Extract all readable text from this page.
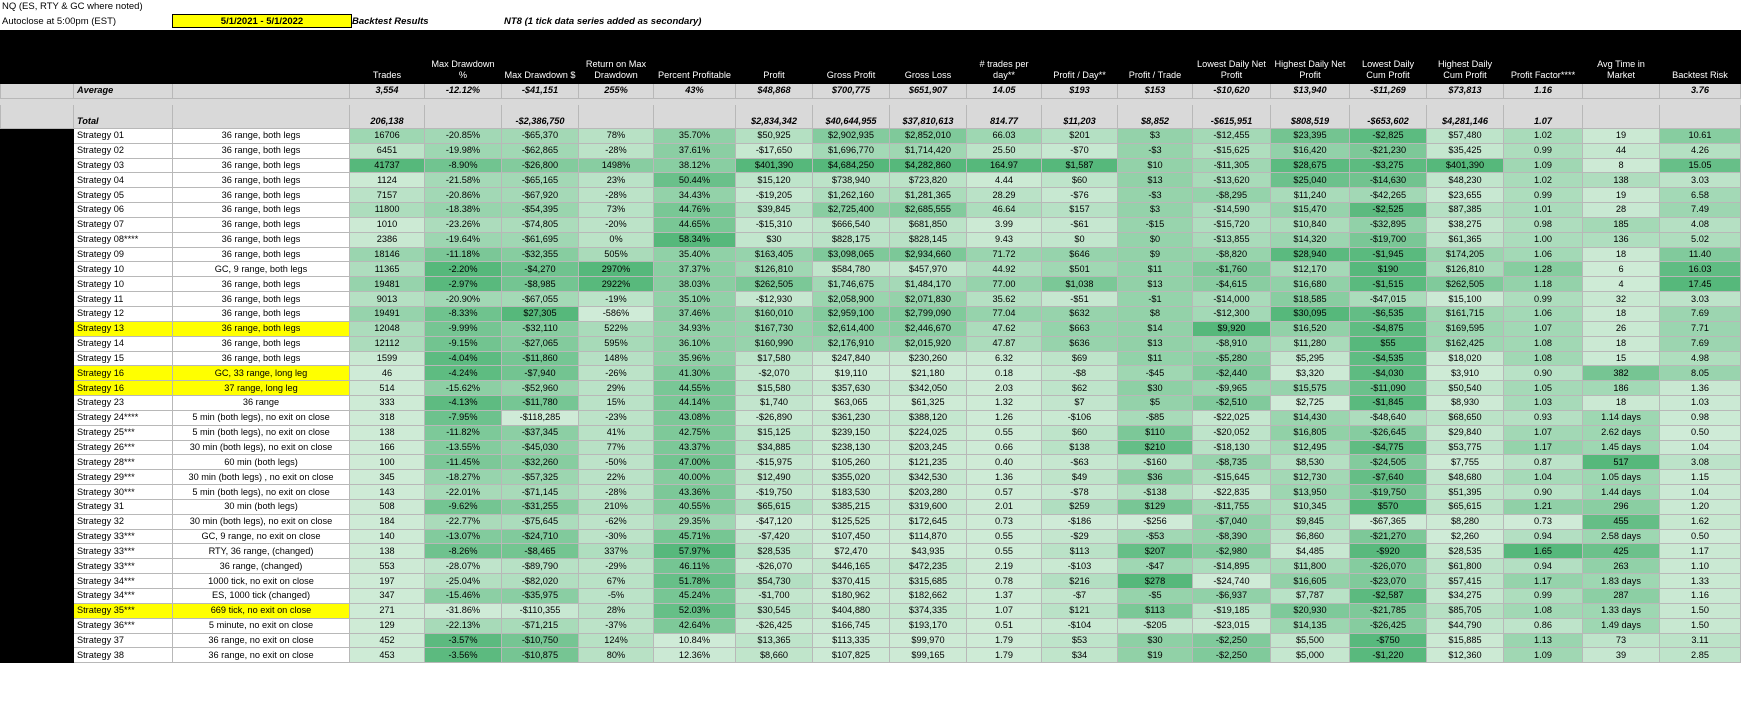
NQ (ES, RTY & GC where noted)
Autoclose at 5:00pm (EST)	5/1/2021 - 5/1/2022	Backtest Results	NT8 (1 tick data series added as secondary)
			Trades	Max Drawdown %	Max Drawdown $	Return on Max Drawdown	Percent Profitable	Profit	Gross Profit	Gross Loss	# trades per day**	Profit / Day**	Profit / Trade	Lowest Daily Net Profit	Highest Daily Net Profit	Lowest Daily Cum Profit	Highest Daily Cum Profit	Profit Factor****	Avg Time in Market	Backtest Risk
	Average		3,554	-12.12%	-$41,151	255%	43%	$48,868	$700,775	$651,907	14.05	$193	$153	-$10,620	$13,940	-$11,269	$73,813	1.16		3.76

	Total		206,138		-$2,386,750			$2,834,342	$40,644,955	$37,810,613	814.77	$11,203	$8,852	-$615,951	$808,519	-$653,602	$4,281,146	1.07		
	Strategy 01	36 range, both legs	16706	-20.85%	-$65,370	78%	35.70%	$50,925	$2,902,935	$2,852,010	66.03	$201	$3	-$12,455	$23,395	-$2,825	$57,480	1.02	19	10.61
	Strategy 02	36 range, both legs	6451	-19.98%	-$62,865	-28%	37.61%	-$17,650	$1,696,770	$1,714,420	25.50	-$70	-$3	-$15,625	$16,420	-$21,230	$35,425	0.99	44	4.26
	Strategy 03	36 range, both legs	41737	-8.90%	-$26,800	1498%	38.12%	$401,390	$4,684,250	$4,282,860	164.97	$1,587	$10	-$11,305	$28,675	-$3,275	$401,390	1.09	8	15.05
	Strategy 04	36 range, both legs	1124	-21.58%	-$65,165	23%	50.44%	$15,120	$738,940	$723,820	4.44	$60	$13	-$13,620	$25,040	-$14,630	$48,230	1.02	138	3.03
	Strategy 05	36 range, both legs	7157	-20.86%	-$67,920	-28%	34.43%	-$19,205	$1,262,160	$1,281,365	28.29	-$76	-$3	-$8,295	$11,240	-$42,265	$23,655	0.99	19	6.58
	Strategy 06	36 range, both legs	11800	-18.38%	-$54,395	73%	44.76%	$39,845	$2,725,400	$2,685,555	46.64	$157	$3	-$14,590	$15,470	-$2,525	$87,385	1.01	28	7.49
	Strategy 07	36 range, both legs	1010	-23.26%	-$74,805	-20%	44.65%	-$15,310	$666,540	$681,850	3.99	-$61	-$15	-$15,720	$10,840	-$32,895	$38,275	0.98	185	4.08
	Strategy 08****	36 range, both legs	2386	-19.64%	-$61,695	0%	58.34%	$30	$828,175	$828,145	9.43	$0	$0	-$13,855	$14,320	-$19,700	$61,365	1.00	136	5.02
	Strategy 09	36 range, both legs	18146	-11.18%	-$32,355	505%	35.40%	$163,405	$3,098,065	$2,934,660	71.72	$646	$9	-$8,820	$28,940	-$1,945	$174,205	1.06	18	11.40
	Strategy 10	GC, 9 range, both legs	11365	-2.20%	-$4,270	2970%	37.37%	$126,810	$584,780	$457,970	44.92	$501	$11	-$1,760	$12,170	$190	$126,810	1.28	6	16.03
	Strategy 10	36 range, both legs	19481	-2.97%	-$8,985	2922%	38.03%	$262,505	$1,746,675	$1,484,170	77.00	$1,038	$13	-$4,615	$16,680	-$1,515	$262,505	1.18	4	17.45
	Strategy 11	36 range, both legs	9013	-20.90%	-$67,055	-19%	35.10%	-$12,930	$2,058,900	$2,071,830	35.62	-$51	-$1	-$14,000	$18,585	-$47,015	$15,100	0.99	32	3.03
	Strategy 12	36 range, both legs	19491	-8.33%	$27,305	-586%	37.46%	$160,010	$2,959,100	$2,799,090	77.04	$632	$8	-$12,300	$30,095	-$6,535	$161,715	1.06	18	7.69
	Strategy 13	36 range, both legs	12048	-9.99%	-$32,110	522%	34.93%	$167,730	$2,614,400	$2,446,670	47.62	$663	$14	$9,920	$16,520	-$4,875	$169,595	1.07	26	7.71
	Strategy 14	36 range, both legs	12112	-9.15%	-$27,065	595%	36.10%	$160,990	$2,176,910	$2,015,920	47.87	$636	$13	-$8,910	$11,280	$55	$162,425	1.08	18	7.69
	Strategy 15	36 range, both legs	1599	-4.04%	-$11,860	148%	35.96%	$17,580	$247,840	$230,260	6.32	$69	$11	-$5,280	$5,295	-$4,535	$18,020	1.08	15	4.98
	Strategy 16	GC, 33 range, long leg	46	-4.24%	-$7,940	-26%	41.30%	-$2,070	$19,110	$21,180	0.18	-$8	-$45	-$2,440	$3,320	-$4,030	$3,910	0.90	382	8.05
	Strategy 16	37 range, long leg	514	-15.62%	-$52,960	29%	44.55%	$15,580	$357,630	$342,050	2.03	$62	$30	-$9,965	$15,575	-$11,090	$50,540	1.05	186	1.36
	Strategy 23	36 range	333	-4.13%	-$11,780	15%	44.14%	$1,740	$63,065	$61,325	1.32	$7	$5	-$2,510	$2,725	-$1,845	$8,930	1.03	18	1.03
	Strategy 24****	5 min (both legs), no exit on close	318	-7.95%	-$118,285	-23%	43.08%	-$26,890	$361,230	$388,120	1.26	-$106	-$85	-$22,025	$14,430	-$48,640	$68,650	0.93	1.14 days	0.98
	Strategy 25***	5 min (both legs), no exit on close	138	-11.82%	-$37,345	41%	42.75%	$15,125	$239,150	$224,025	0.55	$60	$110	-$20,052	$16,805	-$26,645	$29,840	1.07	2.62 days	0.50
	Strategy 26***	30 min (both legs), no exit on close	166	-13.55%	-$45,030	77%	43.37%	$34,885	$238,130	$203,245	0.66	$138	$210	-$18,130	$12,495	-$4,775	$53,775	1.17	1.45 days	1.04
	Strategy 28***	60 min (both legs)	100	-11.45%	-$32,260	-50%	47.00%	-$15,975	$105,260	$121,235	0.40	-$63	-$160	-$8,735	$8,530	-$24,505	$7,755	0.87	517	3.08
	Strategy 29***	30 min (both legs) , no exit on close	345	-18.27%	-$57,325	22%	40.00%	$12,490	$355,020	$342,530	1.36	$49	$36	-$15,645	$12,730	-$7,640	$48,680	1.04	1.05 days	1.15
	Strategy 30***	5 min (both legs), no exit on close	143	-22.01%	-$71,145	-28%	43.36%	-$19,750	$183,530	$203,280	0.57	-$78	-$138	-$22,835	$13,950	-$19,750	$51,395	0.90	1.44 days	1.04
	Strategy 31	30 min (both legs)	508	-9.62%	-$31,255	210%	40.55%	$65,615	$385,215	$319,600	2.01	$259	$129	-$11,755	$10,345	$570	$65,615	1.21	296	1.20
	Strategy 32	30 min (both legs), no exit on close	184	-22.77%	-$75,645	-62%	29.35%	-$47,120	$125,525	$172,645	0.73	-$186	-$256	-$7,040	$9,845	-$67,365	$8,280	0.73	455	1.62
	Strategy 33***	GC, 9 range, no exit on close	140	-13.07%	-$24,710	-30%	45.71%	-$7,420	$107,450	$114,870	0.55	-$29	-$53	-$8,390	$6,860	-$21,270	$2,260	0.94	2.58 days	0.50
	Strategy 33***	RTY, 36 range, (changed)	138	-8.26%	-$8,465	337%	57.97%	$28,535	$72,470	$43,935	0.55	$113	$207	-$2,980	$4,485	-$920	$28,535	1.65	425	1.17
	Strategy 33***	36 range, (changed)	553	-28.07%	-$89,790	-29%	46.11%	-$26,070	$446,165	$472,235	2.19	-$103	-$47	-$14,895	$11,800	-$26,070	$61,800	0.94	263	1.10
	Strategy 34***	1000 tick, no exit on close	197	-25.04%	-$82,020	67%	51.78%	$54,730	$370,415	$315,685	0.78	$216	$278	-$24,740	$16,605	-$23,070	$57,415	1.17	1.83 days	1.33
	Strategy 34***	ES, 1000 tick (changed)	347	-15.46%	-$35,975	-5%	45.24%	-$1,700	$180,962	$182,662	1.37	-$7	-$5	-$6,937	$7,787	-$2,587	$34,275	0.99	287	1.16
	Strategy 35***	669 tick, no exit on close	271	-31.86%	-$110,355	28%	52.03%	$30,545	$404,880	$374,335	1.07	$121	$113	-$19,185	$20,930	-$21,785	$85,705	1.08	1.33 days	1.50
	Strategy 36***	5 minute, no exit on close	129	-22.13%	-$71,215	-37%	42.64%	-$26,425	$166,745	$193,170	0.51	-$104	-$205	-$23,015	$14,135	-$26,425	$44,790	0.86	1.49 days	1.50
	Strategy 37	36 range, no exit on close	452	-3.57%	-$10,750	124%	10.84%	$13,365	$113,335	$99,970	1.79	$53	$30	-$2,250	$5,500	-$750	$15,885	1.13	73	3.11
	Strategy 38	36 range, no exit on close	453	-3.56%	-$10,875	80%	12.36%	$8,660	$107,825	$99,165	1.79	$34	$19	-$2,250	$5,000	-$1,220	$12,360	1.09	39	2.85
